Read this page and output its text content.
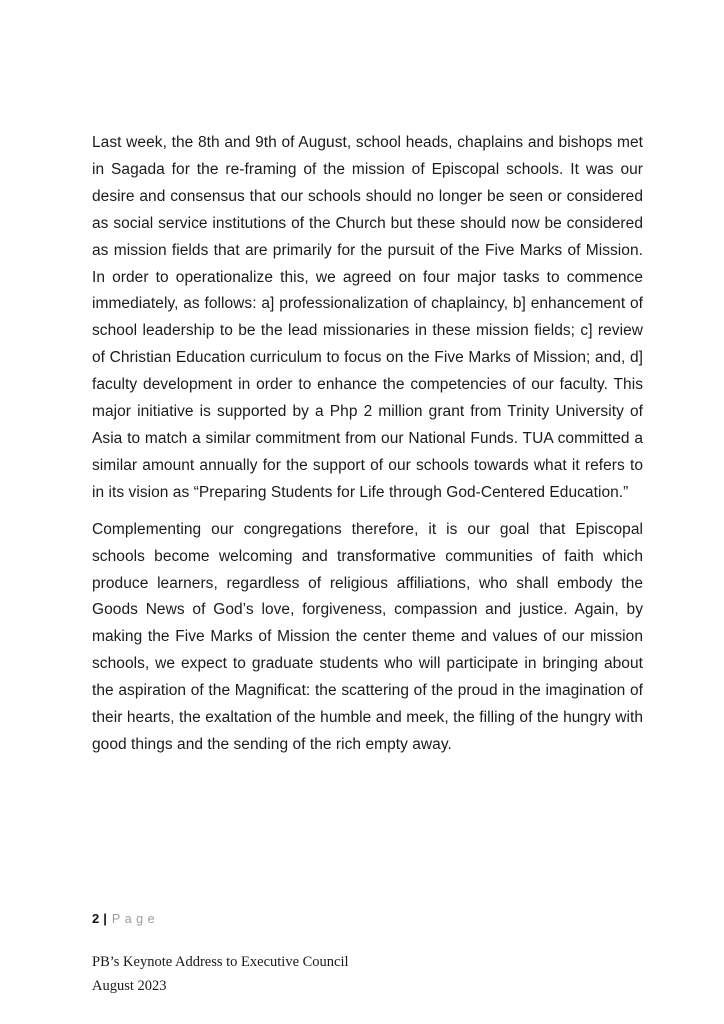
Last week, the 8th and 9th of August, school heads, chaplains and bishops met in Sagada for the re-framing of the mission of Episcopal schools. It was our desire and consensus that our schools should no longer be seen or considered as social service institutions of the Church but these should now be considered as mission fields that are primarily for the pursuit of the Five Marks of Mission. In order to operationalize this, we agreed on four major tasks to commence immediately, as follows: a] professionalization of chaplaincy, b] enhancement of school leadership to be the lead missionaries in these mission fields; c] review of Christian Education curriculum to focus on the Five Marks of Mission; and, d] faculty development in order to enhance the competencies of our faculty. This major initiative is supported by a Php 2 million grant from Trinity University of Asia to match a similar commitment from our National Funds. TUA committed a similar amount annually for the support of our schools towards what it refers to in its vision as “Preparing Students for Life through God-Centered Education.”

Complementing our congregations therefore, it is our goal that Episcopal schools become welcoming and transformative communities of faith which produce learners, regardless of religious affiliations, who shall embody the Goods News of God’s love, forgiveness, compassion and justice. Again, by making the Five Marks of Mission the center theme and values of our mission schools, we expect to graduate students who will participate in bringing about the aspiration of the Magnificat: the scattering of the proud in the imagination of their hearts, the exaltation of the humble and meek, the filling of the hungry with good things and the sending of the rich empty away.

2 | Page

PB’s Keynote Address to Executive Council

August 2023
